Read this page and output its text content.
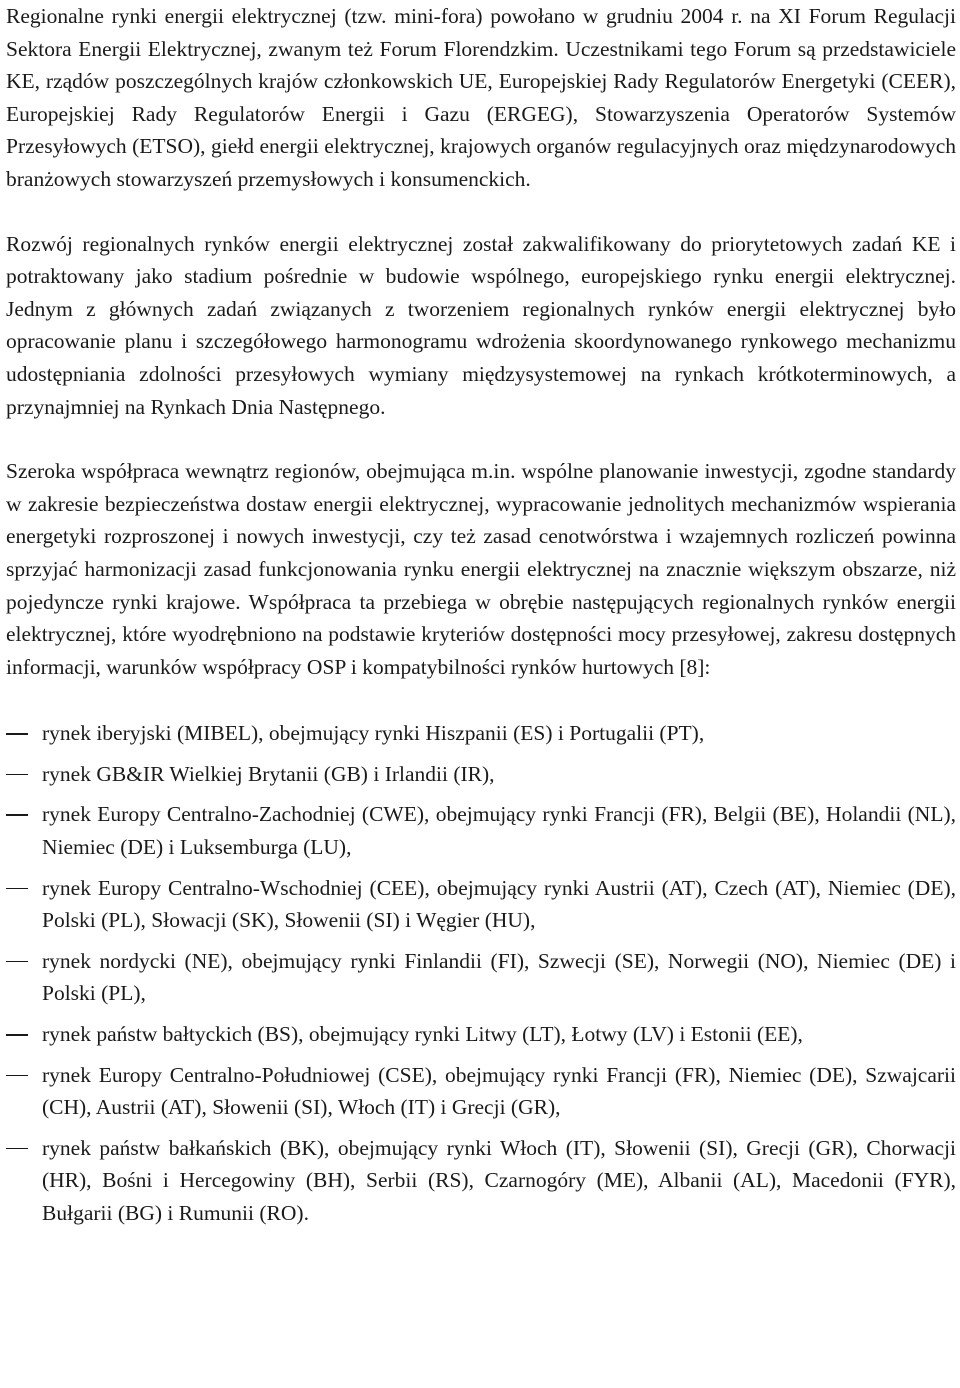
Regionalne rynki energii elektrycznej (tzw. mini-fora) powołano w grudniu 2004 r. na XI Forum Regulacji Sektora Energii Elektrycznej, zwanym też Forum Florendzkim. Uczestnikami tego Forum są przedstawiciele KE, rządów poszczególnych krajów członkowskich UE, Europejskiej Rady Regulatorów Energetyki (CEER), Europejskiej Rady Regulatorów Energii i Gazu (ERGEG), Stowarzyszenia Operatorów Systemów Przesyłowych (ETSO), giełd energii elektrycznej, krajowych organów regulacyjnych oraz międzynarodowych branżowych stowarzyszeń przemysłowych i konsumenckich.

Rozwój regionalnych rynków energii elektrycznej został zakwalifikowany do priorytetowych zadań KE i potraktowany jako stadium pośrednie w budowie wspólnego, europejskiego rynku energii elektrycznej. Jednym z głównych zadań związanych z tworzeniem regionalnych rynków energii elektrycznej było opracowanie planu i szczegółowego harmonogramu wdrożenia skoordynowanego rynkowego mechanizmu udostępniania zdolności przesyłowych wymiany międzysystemowej na rynkach krótkoterminowych, a przynajmniej na Rynkach Dnia Następnego.

Szeroka współpraca wewnątrz regionów, obejmująca m.in. wspólne planowanie inwestycji, zgodne standardy w zakresie bezpieczeństwa dostaw energii elektrycznej, wypracowanie jednolitych mechanizmów wspierania energetyki rozproszonej i nowych inwestycji, czy też zasad cenotwórstwa i wzajemnych rozliczeń powinna sprzyjać harmonizacji zasad funkcjonowania rynku energii elektrycznej na znacznie większym obszarze, niż pojedyncze rynki krajowe. Współpraca ta przebiega w obrębie następujących regionalnych rynków energii elektrycznej, które wyodrębniono na podstawie kryteriów dostępności mocy przesyłowej, zakresu dostępnych informacji, warunków współpracy OSP i kompatybilności rynków hurtowych [8]:

rynek iberyjski (MIBEL), obejmujący rynki Hiszpanii (ES) i Portugalii (PT),
rynek GB&IR Wielkiej Brytanii (GB) i Irlandii (IR),
rynek Europy Centralno-Zachodniej (CWE), obejmujący rynki Francji (FR), Belgii (BE), Holandii (NL), Niemiec (DE) i Luksemburga (LU),
rynek Europy Centralno-Wschodniej (CEE), obejmujący rynki Austrii (AT), Czech (AT), Niemiec (DE), Polski (PL), Słowacji (SK), Słowenii (SI) i Węgier (HU),
rynek nordycki (NE), obejmujący rynki Finlandii (FI), Szwecji (SE), Norwegii (NO), Niemiec (DE) i Polski (PL),
rynek państw bałtyckich (BS), obejmujący rynki Litwy (LT), Łotwy (LV) i Estonii (EE),
rynek Europy Centralno-Południowej (CSE), obejmujący rynki Francji (FR), Niemiec (DE), Szwajcarii (CH), Austrii (AT), Słowenii (SI), Włoch (IT) i Grecji (GR),
rynek państw bałkańskich (BK), obejmujący rynki Włoch (IT), Słowenii (SI), Grecji (GR), Chorwacji (HR), Bośni i Hercegowiny (BH), Serbii (RS), Czarnogóry (ME), Albanii (AL), Macedonii (FYR), Bułgarii (BG) i Rumunii (RO).
